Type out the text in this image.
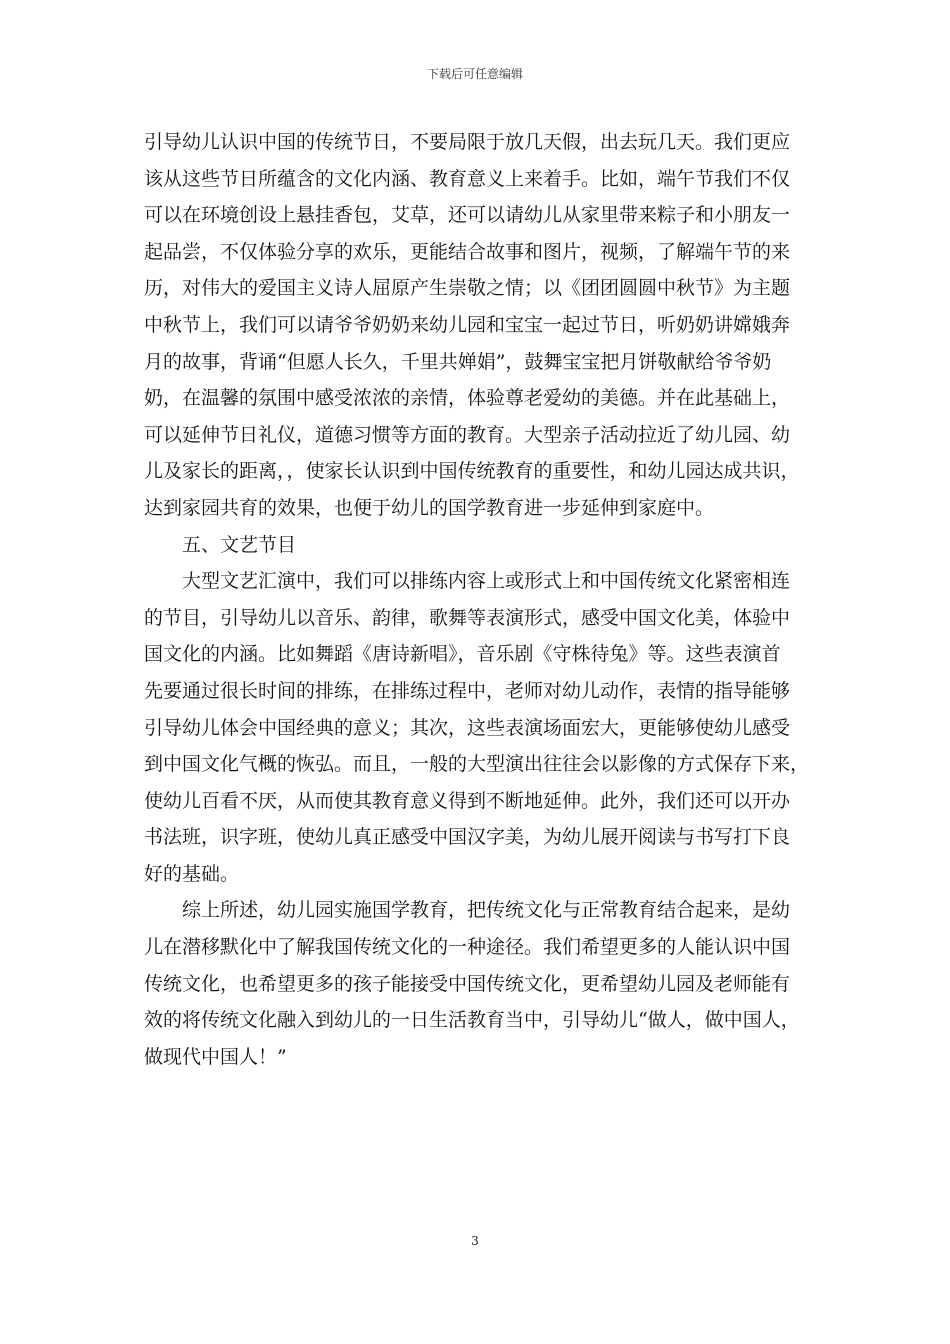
下载后可任意编辑
引导幼儿认识中国的传统节日，不要局限于放几天假，出去玩几天。我们更应
该从这些节日所蕴含的文化内涵、教育意义上来着手。比如，端午节我们不仅
可以在环境创设上悬挂香包，艾草，还可以请幼儿从家里带来粽子和小朋友一
起品尝，不仅体验分享的欢乐，更能结合故事和图片，视频，了解端午节的来
历，对伟大的爱国主义诗人屈原产生崇敬之情；以《团团圆圆中秋节》为主题
中秋节上，我们可以请爷爷奶奶来幼儿园和宝宝一起过节日，听奶奶讲嫦娥奔
月的故事，背诵“但愿人长久，千里共婵娟”，鼓舞宝宝把月饼敬献给爷爷奶
奶，在温馨的氛围中感受浓浓的亲情，体验尊老爱幼的美德。并在此基础上，
可以延伸节日礼仪，道德习惯等方面的教育。大型亲子活动拉近了幼儿园、幼
儿及家长的距离，，使家长认识到中国传统教育的重要性，和幼儿园达成共识，
达到家园共育的效果，也便于幼儿的国学教育进一步延伸到家庭中。
五、文艺节目
大型文艺汇演中，我们可以排练内容上或形式上和中国传统文化紧密相连
的节目，引导幼儿以音乐、韵律，歌舞等表演形式，感受中国文化美，体验中
国文化的内涵。比如舞蹈《唐诗新唱》，音乐剧《守株待兔》等。这些表演首
先要通过很长时间的排练，在排练过程中，老师对幼儿动作，表情的指导能够
引导幼儿体会中国经典的意义；其次，这些表演场面宏大，更能够使幼儿感受
到中国文化气概的恢弘。而且，一般的大型演出往往会以影像的方式保存下来，
使幼儿百看不厌，从而使其教育意义得到不断地延伸。此外，我们还可以开办
书法班，识字班，使幼儿真正感受中国汉字美，为幼儿展开阅读与书写打下良
好的基础。
综上所述，幼儿园实施国学教育，把传统文化与正常教育结合起来，是幼
儿在潜移默化中了解我国传统文化的一种途径。我们希望更多的人能认识中国
传统文化，也希望更多的孩子能接受中国传统文化，更希望幼儿园及老师能有
效的将传统文化融入到幼儿的一日生活教育当中，引导幼儿“做人，做中国人，
做现代中国人！”
3
